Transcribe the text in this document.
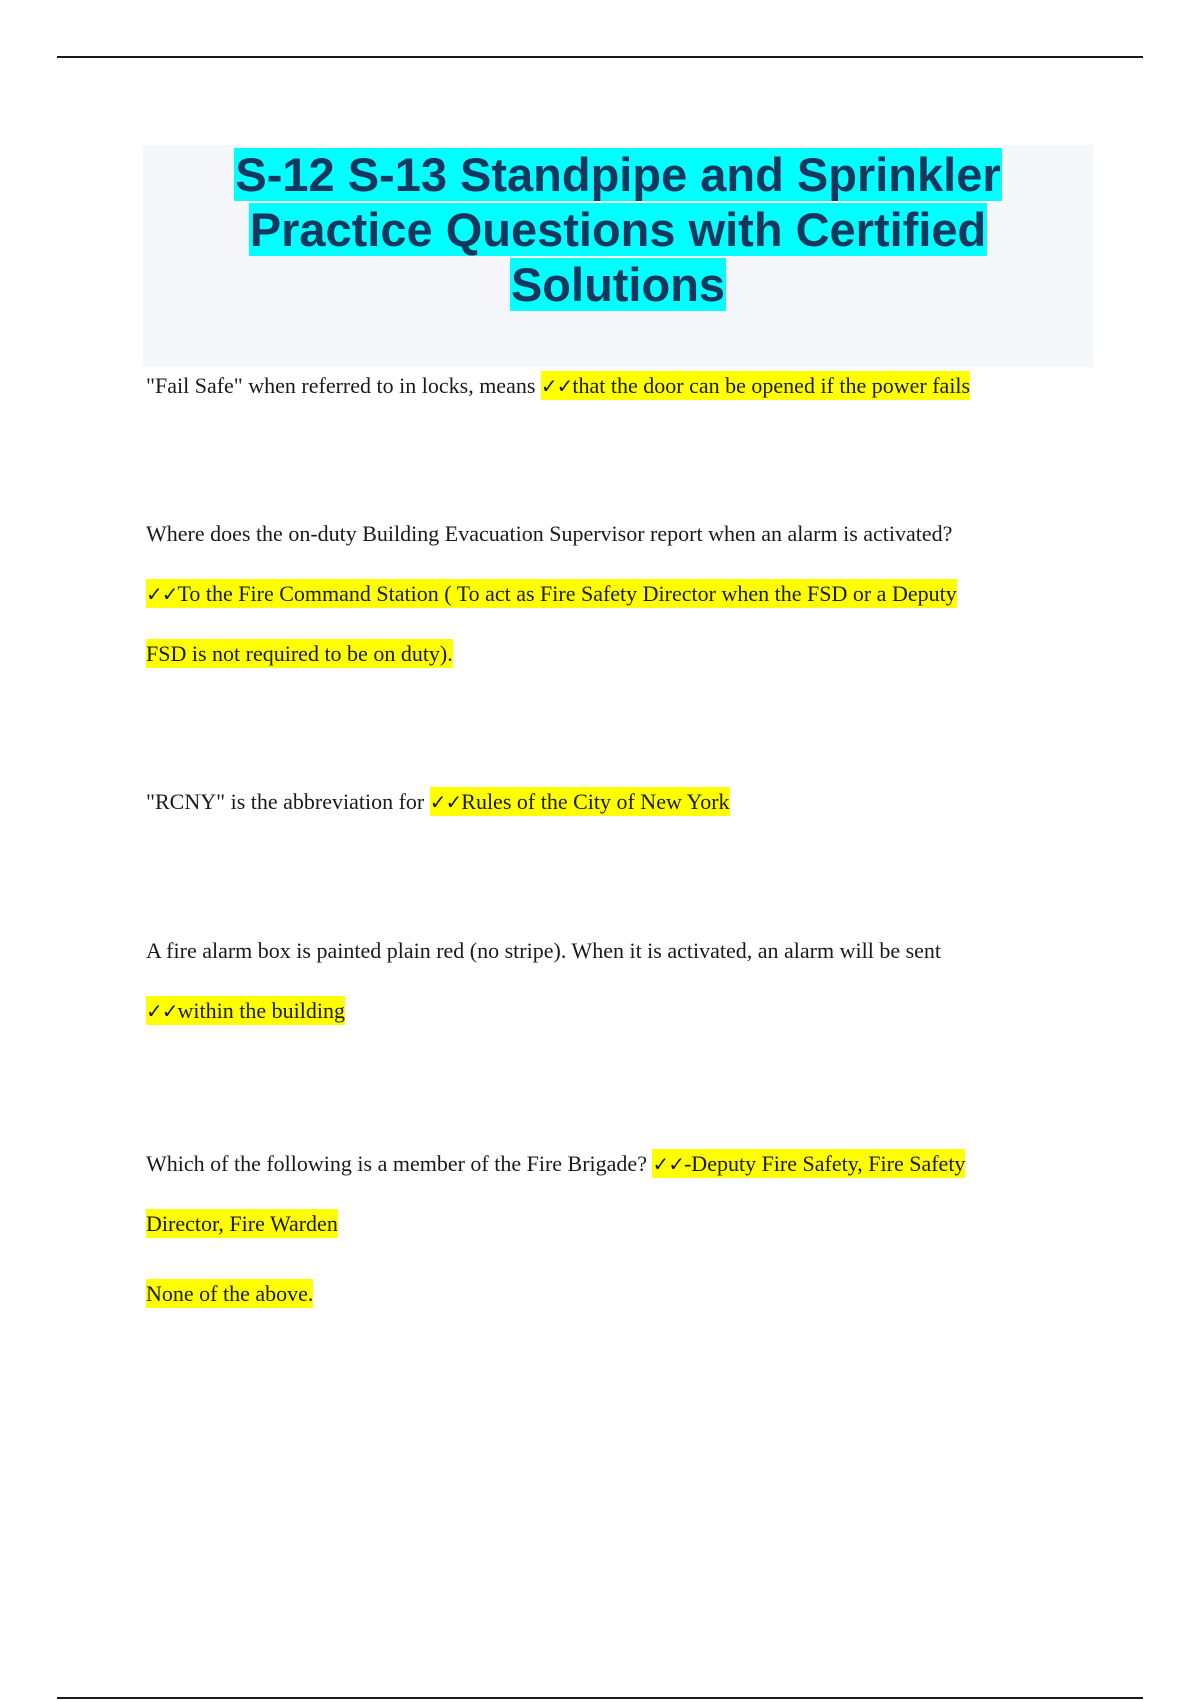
S-12 S-13 Standpipe and Sprinkler
Practice Questions with Certified
Solutions

"Fail Safe" when referred to in locks, means ✓✓that the door can be opened if the power fails

Where does the on-duty Building Evacuation Supervisor report when an alarm is activated?
✓✓To the Fire Command Station ( To act as Fire Safety Director when the FSD or a Deputy
FSD is not required to be on duty).

"RCNY" is the abbreviation for ✓✓Rules of the City of New York

A fire alarm box is painted plain red (no stripe). When it is activated, an alarm will be sent
✓✓within the building

Which of the following is a member of the Fire Brigade? ✓✓-Deputy Fire Safety, Fire Safety
Director, Fire Warden

None of the above.
